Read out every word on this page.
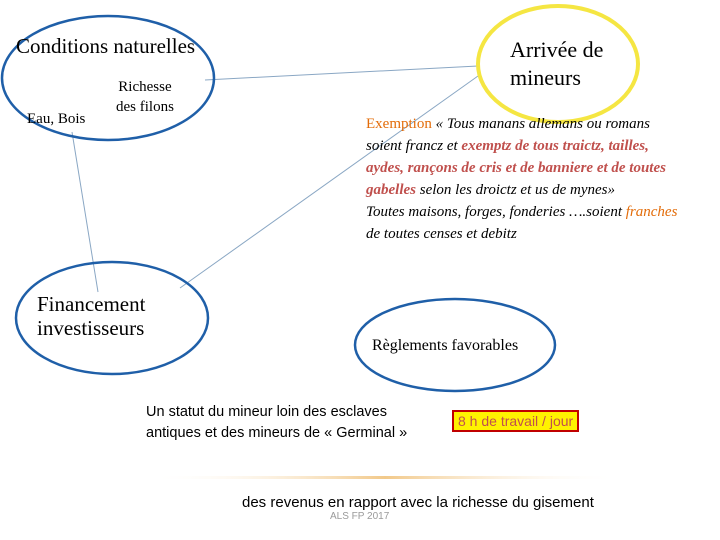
Conditions naturelles
Eau, Bois
Richesse
des filons
Arrivée de
mineurs
Exemption « Tous manans allemans ou romans soient francz et exemptz de tous traictz, tailles, aydes, rançons de cris et de banniere et de toutes gabelles selon les droictz et us de mynes»
Toutes maisons, forges, fonderies ….soient franches de toutes censes et debitz
Financement
investisseurs
Règlements favorables
Un statut du mineur loin des esclaves antiques et des mineurs de « Germinal »
8 h de travail / jour
des revenus en rapport avec la richesse du gisement
ALS FP 2017
